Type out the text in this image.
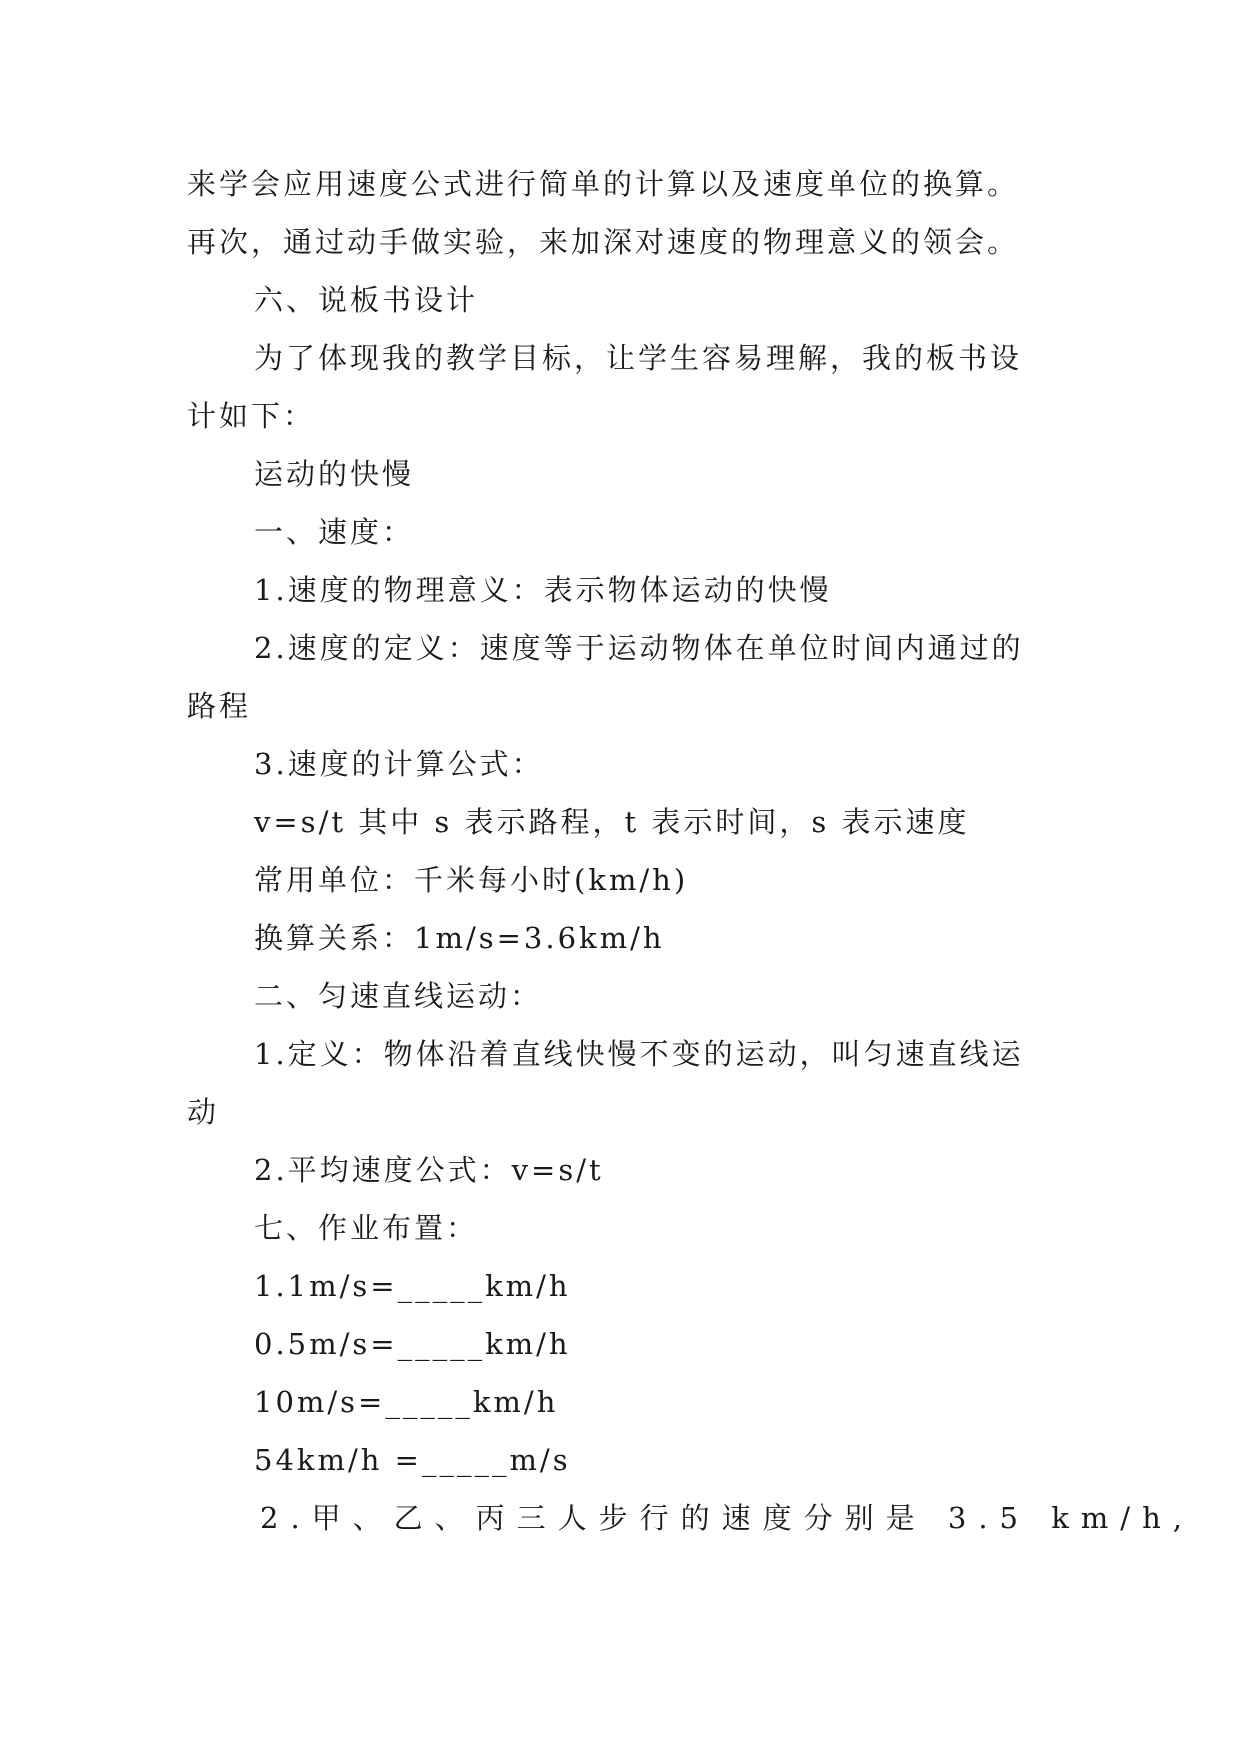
来学会应用速度公式进行简单的计算以及速度单位的换算。
再次，通过动手做实验，来加深对速度的物理意义的领会。
六、说板书设计
为了体现我的教学目标，让学生容易理解，我的板书设
计如下：
运动的快慢
一、速度：
1.速度的物理意义：表示物体运动的快慢
2.速度的定义：速度等于运动物体在单位时间内通过的
路程
3.速度的计算公式：
v=s/t 其中 s 表示路程，t 表示时间，s 表示速度
常用单位：千米每小时(km/h)
换算关系：1m/s=3.6km/h
二、匀速直线运动：
1.定义：物体沿着直线快慢不变的运动，叫匀速直线运
动
2.平均速度公式：v=s/t
七、作业布置：
1.1m/s=_____km/h
0.5m/s=_____km/h
10m/s=_____km/h
54km/h =_____m/s
2.甲、乙、丙三人步行的速度分别是 3.5 km/h,
